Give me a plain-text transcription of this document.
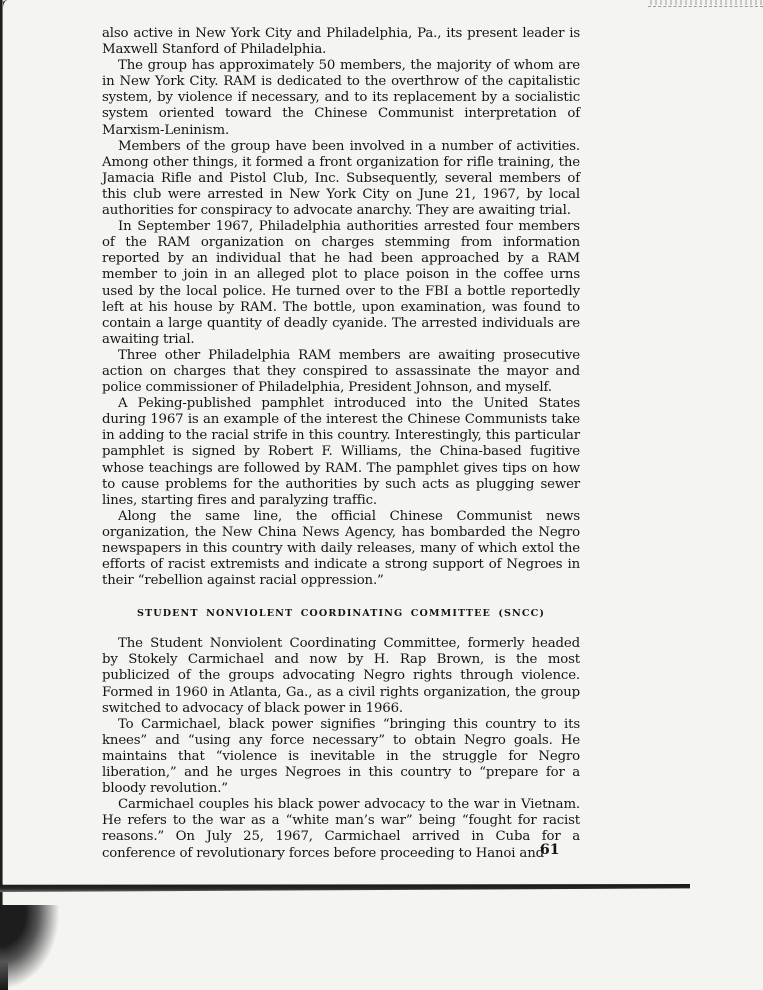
also active in New York City and Philadelphia, Pa., its present leader is Maxwell Stanford of Philadelphia.

The group has approximately 50 members, the majority of whom are in New York City. RAM is dedicated to the overthrow of the capitalistic system, by violence if necessary, and to its replacement by a socialistic system oriented toward the Chinese Communist interpretation of Marxism-Leninism.

Members of the group have been involved in a number of activities. Among other things, it formed a front organization for rifle training, the Jamacia Rifle and Pistol Club, Inc. Subsequently, several members of this club were arrested in New York City on June 21, 1967, by local authorities for conspiracy to advocate anarchy. They are awaiting trial.

In September 1967, Philadelphia authorities arrested four members of the RAM organization on charges stemming from information reported by an individual that he had been approached by a RAM member to join in an alleged plot to place poison in the coffee urns used by the local police. He turned over to the FBI a bottle reportedly left at his house by RAM. The bottle, upon examination, was found to contain a large quantity of deadly cyanide. The arrested individuals are awaiting trial.

Three other Philadelphia RAM members are awaiting prosecutive action on charges that they conspired to assassinate the mayor and police commissioner of Philadelphia, President Johnson, and myself.

A Peking-published pamphlet introduced into the United States during 1967 is an example of the interest the Chinese Communists take in adding to the racial strife in this country. Interestingly, this particular pamphlet is signed by Robert F. Williams, the China-based fugitive whose teachings are followed by RAM. The pamphlet gives tips on how to cause problems for the authorities by such acts as plugging sewer lines, starting fires and paralyzing traffic.

Along the same line, the official Chinese Communist news organization, the New China News Agency, has bombarded the Negro newspapers in this country with daily releases, many of which extol the efforts of racist extremists and indicate a strong support of Negroes in their “rebellion against racial oppression.”

STUDENT NONVIOLENT COORDINATING COMMITTEE (SNCC)

The Student Nonviolent Coordinating Committee, formerly headed by Stokely Carmichael and now by H. Rap Brown, is the most publicized of the groups advocating Negro rights through violence. Formed in 1960 in Atlanta, Ga., as a civil rights organization, the group switched to advocacy of black power in 1966.

To Carmichael, black power signifies “bringing this country to its knees” and “using any force necessary” to obtain Negro goals. He maintains that “violence is inevitable in the struggle for Negro liberation,” and he urges Negroes in this country to “prepare for a bloody revolution.”

Carmichael couples his black power advocacy to the war in Vietnam. He refers to the war as a “white man’s war” being “fought for racist reasons.” On July 25, 1967, Carmichael arrived in Cuba for a conference of revolutionary forces before proceeding to Hanoi and

61
